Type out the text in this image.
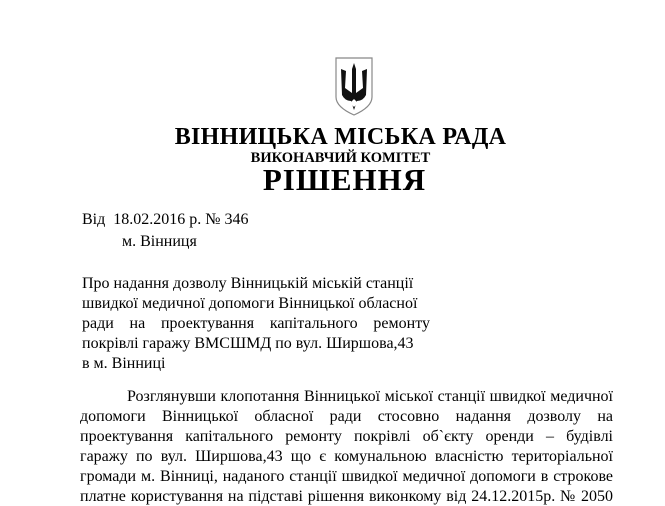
ВІННИЦЬКА МІСЬКА РАДА
ВИКОНАВЧИЙ КОМІТЕТ
РІШЕННЯ
Від  18.02.2016 р. № 346
м. Вінниця
Про надання дозволу Вінницькій міській станції
швидкої медичної допомоги Вінницької обласної
ради на проектування капітального ремонту
покрівлі гаражу ВМСШМД по вул. Ширшова,43
в м. Вінниці
Розглянувши клопотання Вінницької міської станції швидкої медичної
допомоги Вінницької обласної ради стосовно надання дозволу на
проектування капітального ремонту покрівлі об`єкту оренди – будівлі
гаражу по вул. Ширшова,43 що є комунальною власністю територіальної
громади м. Вінниці, наданого станції швидкої медичної допомоги в строкове
платне користування на підставі рішення виконкому від 24.12.2015р. № 2050
